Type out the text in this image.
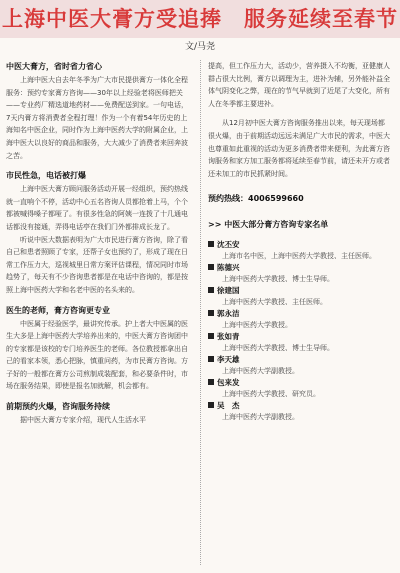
上海中医大膏方受追捧　服务延续至春节
文/马尧
中医大膏方，省时省力省心

上海中医大自去年冬季为广大市民提供膏方一体化全程服务：预约专家膏方咨询——30年以上经验老将医师把关——专业药厂精选道地药材——免费配送到家。一句电话，7天内膏方将消费者全程打理！作为一个有着54年历史的上海知名中医企业，同时作为上海中医药大学的附属企业，上海中医大以良好的商品和服务，大大减少了消费者来回奔波之苦。

市民性急，电话被打爆

上海中医大膏方顾问服务活动开展一经组织，预约热线就一直响个不停，活动中心五名咨询人员都抢着上马，个个都被喊得嗓子都哑了。有很多性急的阿姨一连拨了十几通电话都没有接通，弄得电话亭在我们门外都排成长龙了。

听说中医大数据表明为广大市民进行膏方咨询，除了看自己和患者照顾了专家，还帮子女也预约了，形成了现在日常工作压力大，巡视城里日常方案评估课程，情况同时市场趋势了，每天有不少咨询患者都是在电话中咨询的，都是按照上海中医药大学和名老中医的名头来的。

医生的老师，膏方咨询更专业

中医属于经验医学，最讲究传承。护上者大中医属的医生大多是上海中医药大学培养出来的，中医大膏方咨询团中的专家都是该校的专门培养医生的老师。各位教授都拿出自己的看家本领，悉心把脉，慎重问药，为市民膏方咨询。方子好的一般都在膏方公司煎制成装配套，和必要条件时，市场在服务结果，即使是报名加就解，机会都有。

前期预约火爆，咨询服务持续

据中医大膏方专家介绍，现代人生活水平

提高，但工作压力大，活动少，营养摄入不均衡，亚健康人群占很大比例，膏方以调理为主，进补为辅，另外能补益全体气阴变化之弊，现在的节气早就到了近尾了大变化，所有人在冬季都主要进补。

从12月初中医大膏方咨询服务推出以来，每天现场都很火爆，由于前期活动远远未满足广大市民的需求，中医大也尊重如此重视的活动为更多消费者带来便利，为此膏方咨询服务和家方加工服务都将延续至春节前，请还未开方或者还未加工的市民抓紧时间。

预约热线：4006599660
>> 中医大部分膏方咨询专家名单
沈丕安
上海市名中医，上海中医药大学教授、主任医师。
陈德兴
上海中医药大学教授、博士生导师。
徐建国
上海中医药大学教授、主任医师。
郭永洁
上海中医药大学教授。
张如青
上海中医药大学教授、博士生导师。
李天雄
上海中医药大学副教授。
包来发
上海中医药大学教授、研究员。
吴　杰
上海中医药大学副教授。
